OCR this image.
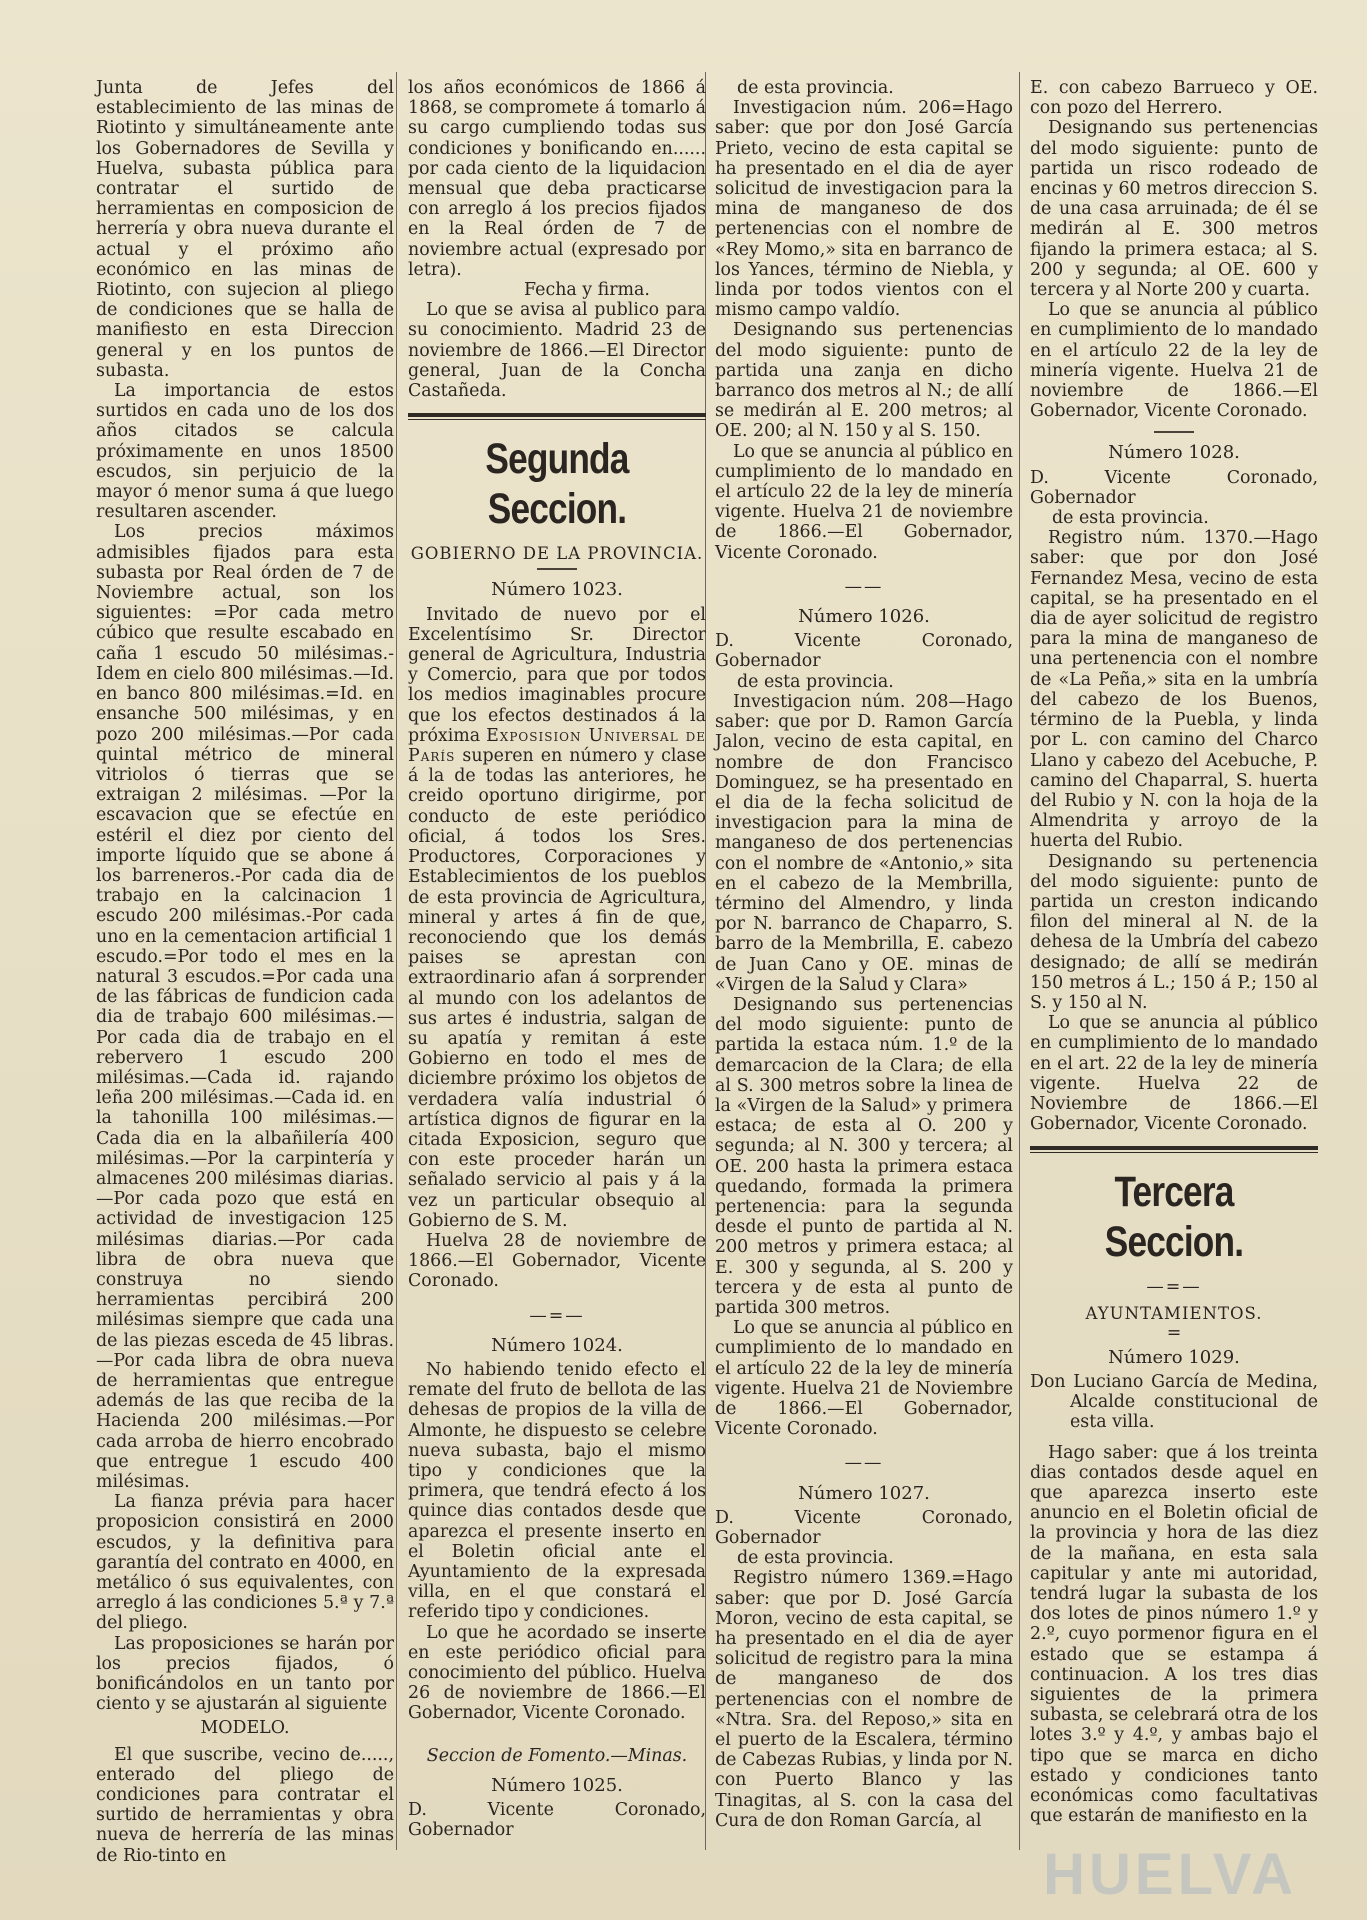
Junta de Jefes del establecimiento de las minas de Riotinto y simultáneamente ante los Gobernadores de Sevilla y Huelva, subasta pública para contratar el surtido de herramientas en composicion de herrería y obra nueva durante el actual y el próximo año económico en las minas de Riotinto, con sujecion al pliego de condiciones que se halla de manifiesto en esta Direccion general y en los puntos de subasta.

La importancia de estos surtidos en cada uno de los dos años citados se calcula próximamente en unos 18500 escudos, sin perjuicio de la mayor ó menor suma á que luego resultaren ascender.

Los precios máximos admisibles fijados para esta subasta por Real órden de 7 de Noviembre actual, son los siguientes: =Por cada metro cúbico que resulte escabado en caña 1 escudo 50 milésimas.-Idem en cielo 800 milésimas.—Id. en banco 800 milésimas.=Id. en ensanche 500 milésimas, y en pozo 200 milésimas.—Por cada quintal métrico de mineral vitriolos ó tierras que se extraigan 2 milésimas. —Por la escavacion que se efectúe en estéril el diez por ciento del importe líquido que se abone á los barreneros.-Por cada dia de trabajo en la calcinacion 1 escudo 200 milésimas.-Por cada uno en la cementacion artificial 1 escudo.=Por todo el mes en la natural 3 escudos.=Por cada una de las fábricas de fundicion cada dia de trabajo 600 milésimas.—Por cada dia de trabajo en el rebervero 1 escudo 200 milésimas.—Cada id. rajando leña 200 milésimas.—Cada id. en la tahonilla 100 milésimas.—Cada dia en la albañilería 400 milésimas.—Por la carpintería y almacenes 200 milésimas diarias.—Por cada pozo que está en actividad de investigacion 125 milésimas diarias.—Por cada libra de obra nueva que construya no siendo herramientas percibirá 200 milésimas siempre que cada una de las piezas esceda de 45 libras.—Por cada libra de obra nueva de herramientas que entregue además de las que reciba de la Hacienda 200 milésimas.—Por cada arroba de hierro encobrado que entregue 1 escudo 400 milésimas.

La fianza prévia para hacer proposicion consistirá en 2000 escudos, y la definitiva para garantía del contrato en 4000, en metálico ó sus equivalentes, con arreglo á las condiciones 5.ª y 7.ª del pliego.

Las proposiciones se harán por los precios fijados, ó bonificándolos en un tanto por ciento y se ajustarán al siguiente

MODELO.

El que suscribe, vecino de....., enterado del pliego de condiciones para contratar el surtido de herramientas y obra nueva de herrería de las minas de Rio-tinto en

los años económicos de 1866 á 1868, se compromete á tomarlo á su cargo cumpliendo todas sus condiciones y bonificando en...... por cada ciento de la liquidacion mensual que deba practicarse con arreglo á los precios fijados en la Real órden de 7 de noviembre actual (expresado por letra).

Fecha y firma.

Lo que se avisa al publico para su conocimiento. Madrid 23 de noviembre de 1866.—El Director general, Juan de la Concha Castañeda.

Segunda Seccion.

GOBIERNO DE LA PROVINCIA.

Número 1023.

Invitado de nuevo por el Excelentísimo Sr. Director general de Agricultura, Industria y Comercio, para que por todos los medios imaginables procure que los efectos destinados á la próxima Exposision Universal de París superen en número y clase á la de todas las anteriores, he creido oportuno dirigirme, por conducto de este periódico oficial, á todos los Sres. Productores, Corporaciones y Establecimientos de los pueblos de esta provincia de Agricultura, mineral y artes á fin de que, reconociendo que los demás paises se aprestan con extraordinario afan á sorprender al mundo con los adelantos de sus artes é industria, salgan de su apatía y remitan á este Gobierno en todo el mes de diciembre próximo los objetos de verdadera valía industrial ó artística dignos de figurar en la citada Exposicion, seguro que con este proceder harán un señalado servicio al pais y á la vez un particular obsequio al Gobierno de S. M.

Huelva 28 de noviembre de 1866.—El Gobernador, Vicente Coronado.

—=—

Número 1024.

No habiendo tenido efecto el remate del fruto de bellota de las dehesas de propios de la villa de Almonte, he dispuesto se celebre nueva subasta, bajo el mismo tipo y condiciones que la primera, que tendrá efecto á los quince dias contados desde que aparezca el presente inserto en el Boletin oficial ante el Ayuntamiento de la expresada villa, en el que constará el referido tipo y condiciones.

Lo que he acordado se inserte en este periódico oficial para conocimiento del público. Huelva 26 de noviembre de 1866.—El Gobernador, Vicente Coronado.

Seccion de Fomento.—Minas.

Número 1025.

D. Vicente Coronado, Gobernador

de esta provincia.

Investigacion núm. 206=Hago saber: que por don José García Prieto, vecino de esta capital se ha presentado en el dia de ayer solicitud de investigacion para la mina de manganeso de dos pertenencias con el nombre de «Rey Momo,» sita en barranco de los Yances, término de Niebla, y linda por todos vientos con el mismo campo valdío.

Designando sus pertenencias del modo siguiente: punto de partida una zanja en dicho barranco dos metros al N.; de allí se medirán al E. 200 metros; al OE. 200; al N. 150 y al S. 150.

Lo que se anuncia al público en cumplimiento de lo mandado en el artículo 22 de la ley de minería vigente. Huelva 21 de noviembre de 1866.—El Gobernador, Vicente Coronado.

——

Número 1026.

D. Vicente Coronado, Gobernador

de esta provincia.

Investigacion núm. 208—Hago saber: que por D. Ramon García Jalon, vecino de esta capital, en nombre de don Francisco Dominguez, se ha presentado en el dia de la fecha solicitud de investigacion para la mina de manganeso de dos pertenencias con el nombre de «Antonio,» sita en el cabezo de la Membrilla, término del Almendro, y linda por N. barranco de Chaparro, S. barro de la Membrilla, E. cabezo de Juan Cano y OE. minas de «Virgen de la Salud y Clara»

Designando sus pertenencias del modo siguiente: punto de partida la estaca núm. 1.º de la demarcacion de la Clara; de ella al S. 300 metros sobre la linea de la «Virgen de la Salud» y primera estaca; de esta al O. 200 y segunda; al N. 300 y tercera; al OE. 200 hasta la primera estaca quedando, formada la primera pertenencia: para la segunda desde el punto de partida al N. 200 metros y primera estaca; al E. 300 y segunda, al S. 200 y tercera y de esta al punto de partida 300 metros.

Lo que se anuncia al público en cumplimiento de lo mandado en el artículo 22 de la ley de minería vigente. Huelva 21 de Noviembre de 1866.—El Gobernador, Vicente Coronado.

——

Número 1027.

D. Vicente Coronado, Gobernador

de esta provincia.

Registro número 1369.=Hago saber: que por D. José García Moron, vecino de esta capital, se ha presentado en el dia de ayer solicitud de registro para la mina de manganeso de dos pertenencias con el nombre de «Ntra. Sra. del Reposo,» sita en el puerto de la Escalera, término de Cabezas Rubias, y linda por N. con Puerto Blanco y las Tinagitas, al S. con la casa del Cura de don Roman García, al

E. con cabezo Barrueco y OE. con pozo del Herrero.

Designando sus pertenencias del modo siguiente: punto de partida un risco rodeado de encinas y 60 metros direccion S. de una casa arruinada; de él se medirán al E. 300 metros fijando la primera estaca; al S. 200 y segunda; al OE. 600 y tercera y al Norte 200 y cuarta.

Lo que se anuncia al público en cumplimiento de lo mandado en el artículo 22 de la ley de minería vigente. Huelva 21 de noviembre de 1866.—El Gobernador, Vicente Coronado.

Número 1028.

D. Vicente Coronado, Gobernador

de esta provincia.

Registro núm. 1370.—Hago saber: que por don José Fernandez Mesa, vecino de esta capital, se ha presentado en el dia de ayer solicitud de registro para la mina de manganeso de una pertenencia con el nombre de «La Peña,» sita en la umbría del cabezo de los Buenos, término de la Puebla, y linda por L. con camino del Charco Llano y cabezo del Acebuche, P. camino del Chaparral, S. huerta del Rubio y N. con la hoja de la Almendrita y arroyo de la huerta del Rubio.

Designando su pertenencia del modo siguiente: punto de partida un creston indicando filon del mineral al N. de la dehesa de la Umbría del cabezo designado; de allí se medirán 150 metros á L.; 150 á P.; 150 al S. y 150 al N.

Lo que se anuncia al público en cumplimiento de lo mandado en el art. 22 de la ley de minería vigente. Huelva 22 de Noviembre de 1866.—El Gobernador, Vicente Coronado.

Tercera Seccion.

—=—

AYUNTAMIENTOS.

=

Número 1029.

Don Luciano García de Medina, Alcalde constitucional de esta villa.

Hago saber: que á los treinta dias contados desde aquel en que aparezca inserto este anuncio en el Boletin oficial de la provincia y hora de las diez de la mañana, en esta sala capitular y ante mi autoridad, tendrá lugar la subasta de los dos lotes de pinos número 1.º y 2.º, cuyo pormenor figura en el estado que se estampa á continuacion. A los tres dias siguientes de la primera subasta, se celebrará otra de los lotes 3.º y 4.º, y ambas bajo el tipo que se marca en dicho estado y condiciones tanto económicas como facultativas que estarán de manifiesto en la

HUELVA
